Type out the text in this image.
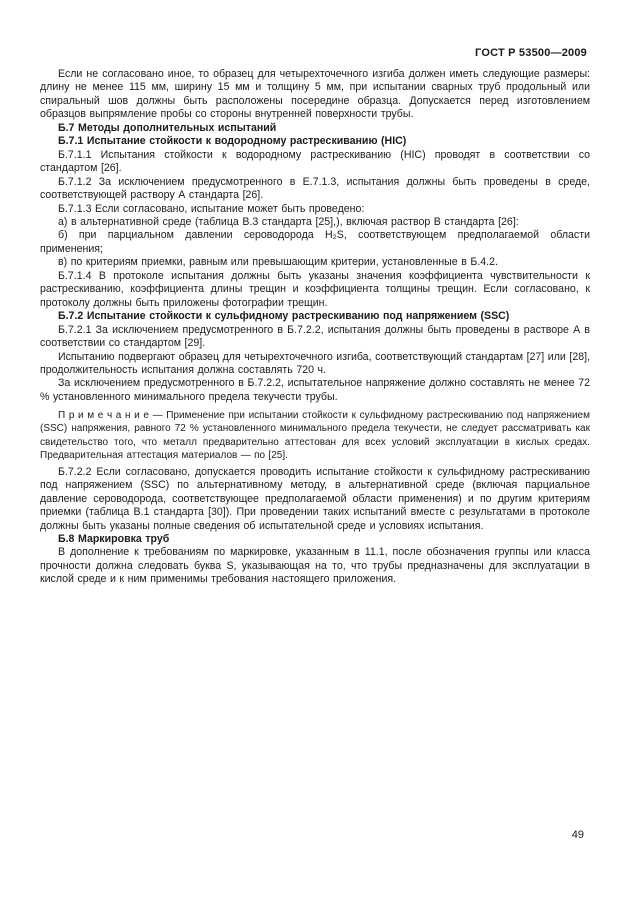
ГОСТ Р 53500—2009

Если не согласовано иное, то образец для четырехточечного изгиба должен иметь следующие размеры: длину не менее 115 мм, ширину 15 мм и толщину 5 мм, при испытании сварных труб продольный или спиральный шов должны быть расположены посередине образца. Допускается перед изготовлением образцов выпрямление пробы со стороны внутренней поверхности трубы.

Б.7 Методы дополнительных испытаний

Б.7.1 Испытание стойкости к водородному растрескиванию (HIC)

Б.7.1.1 Испытания стойкости к водородному растрескиванию (HIC) проводят в соответствии со стандартом [26].

Б.7.1.2 За исключением предусмотренного в Е.7.1.3, испытания должны быть проведены в среде, соответствующей раствору А стандарта [26].

Б.7.1.3 Если согласовано, испытание может быть проведено:

а) в альтернативной среде (таблица В.3 стандарта [25],), включая раствор В стандарта [26]:

б) при парциальном давлении сероводорода H₂S, соответствующем предполагаемой области применения;

в) по критериям приемки, равным или превышающим критерии, установленные в Б.4.2.

Б.7.1.4 В протоколе испытания должны быть указаны значения коэффициента чувствительности к растрескиванию, коэффициента длины трещин и коэффициента толщины трещин. Если согласовано, к протоколу должны быть приложены фотографии трещин.

Б.7.2 Испытание стойкости к сульфидному растрескиванию под напряжением (SSC)

Б.7.2.1 За исключением предусмотренного в Б.7.2.2, испытания должны быть проведены в растворе А в соответствии со стандартом [29].

Испытанию подвергают образец для четырехточечного изгиба, соответствующий стандартам [27] или [28], продолжительность испытания должна составлять 720 ч.

За исключением предусмотренного в Б.7.2.2, испытательное напряжение должно составлять не менее 72 % установленного минимального предела текучести трубы.

П р и м е ч а н и е — Применение при испытании стойкости к сульфидному растрескиванию под напряжением (SSC) напряжения, равного 72 % установленного минимального предела текучести, не следует рассматривать как свидетельство того, что металл предварительно аттестован для всех условий эксплуатации в кислых средах. Предварительная аттестация материалов — по [25].

Б.7.2.2 Если согласовано, допускается проводить испытание стойкости к сульфидному растрескиванию под напряжением (SSC) по альтернативному методу, в альтернативной среде (включая парциальное давление сероводорода, соответствующее предполагаемой области применения) и по другим критериям приемки (таблица В.1 стандарта [30]). При проведении таких испытаний вместе с результатами в протоколе должны быть указаны полные сведения об испытательной среде и условиях испытания.

Б.8 Маркировка труб

В дополнение к требованиям по маркировке, указанным в 11.1, после обозначения группы или класса прочности должна следовать буква S, указывающая на то, что трубы предназначены для эксплуатации в кислой среде и к ним применимы требования настоящего приложения.

49
